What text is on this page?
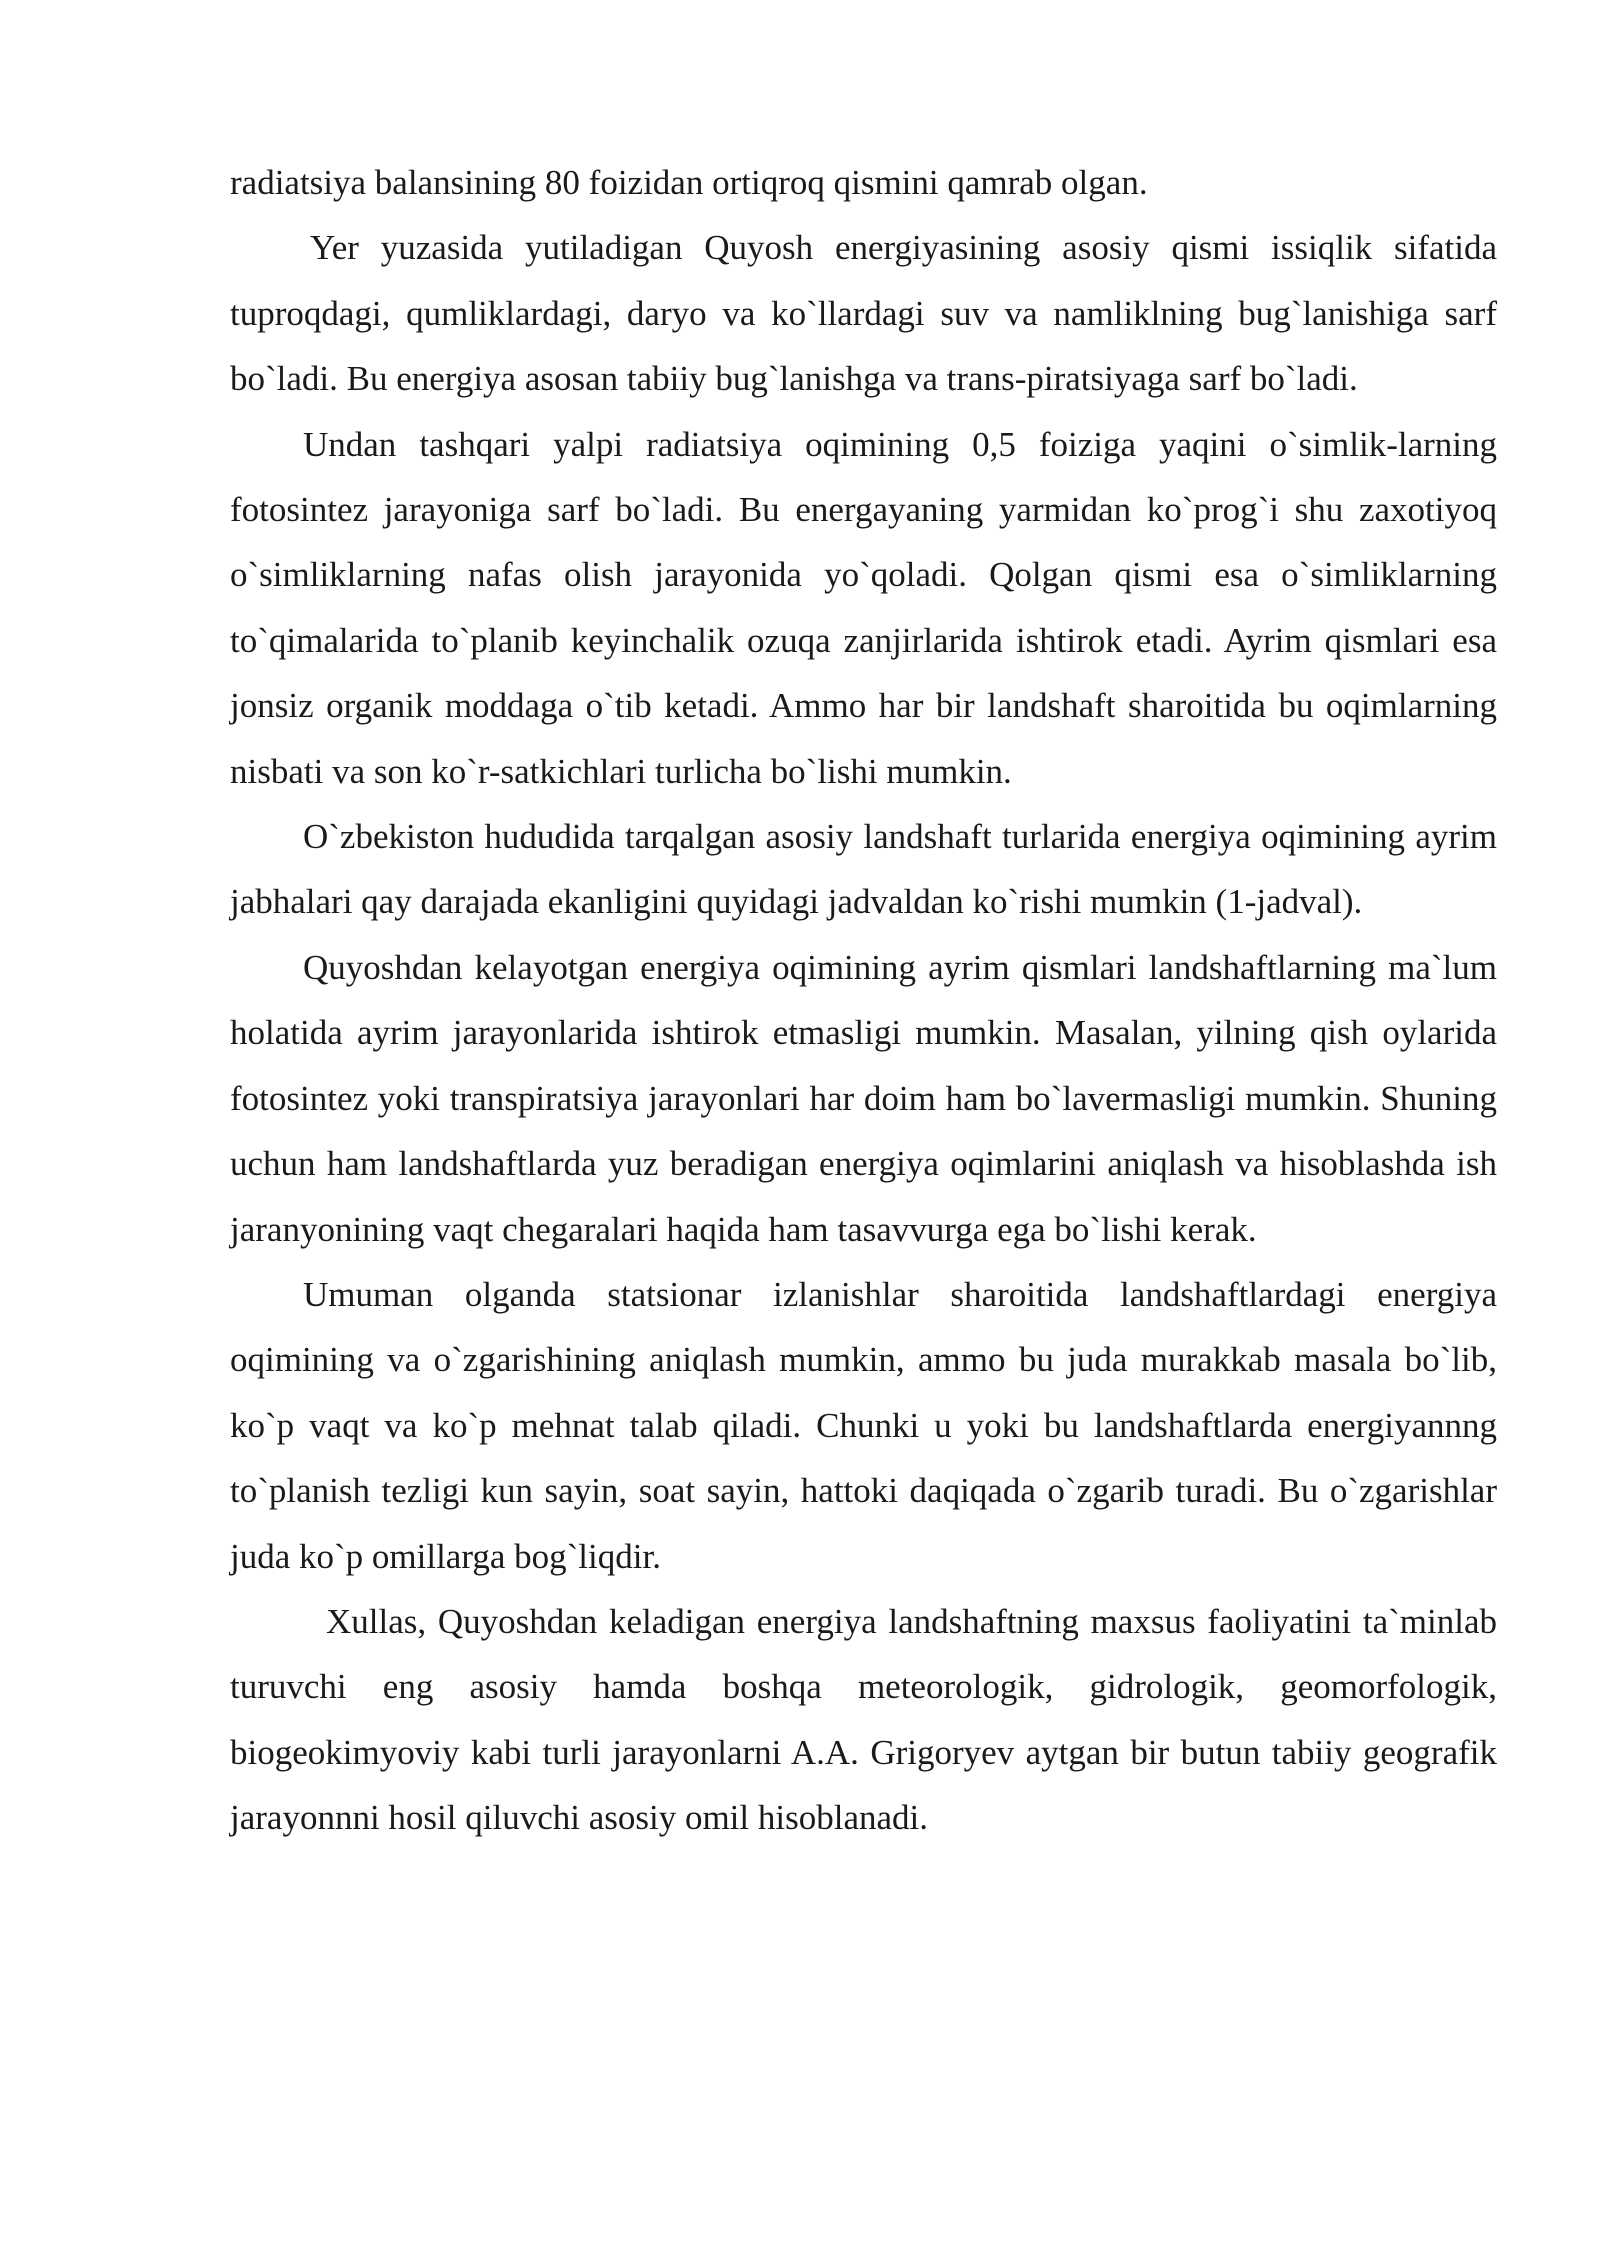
radiatsiya balansining 80 foizidan ortiqroq qismini qamrab olgan.

Yer yuzasida yutiladigan Quyosh energiyasining asosiy qismi issiqlik sifatida tuproqdagi, qumliklardagi, daryo va ko`llardagi suv va namliklning bug`lanishiga sarf bo`ladi. Bu energiya asosan tabiiy bug`lanishga va trans-piratsiyaga sarf bo`ladi.

Undan tashqari yalpi radiatsiya oqimining 0,5 foiziga yaqini o`simlik-larning fotosintez jarayoniga sarf bo`ladi. Bu energayaning yarmidan ko`prog`i shu zaxotiyoq o`simliklarning nafas olish jarayonida yo`qoladi. Qolgan qismi esa o`simliklarning to`qimalarida to`planib keyinchalik ozuqa zanjirlarida ishtirok etadi. Ayrim qismlari esa jonsiz organik moddaga o`tib ketadi. Ammo har bir landshaft sharoitida bu oqimlarning nisbati va son ko`r-satkichlari turlicha bo`lishi mumkin.

O`zbekiston hududida tarqalgan asosiy landshaft turlarida energiya oqimining ayrim jabhalari qay darajada ekanligini quyidagi jadvaldan ko`rishi mumkin (1-jadval).

Quyoshdan kelayotgan energiya oqimining ayrim qismlari landshaftlarning ma`lum holatida ayrim jarayonlarida ishtirok etmasligi mumkin. Masalan, yilning qish oylarida fotosintez yoki transpiratsiya jarayonlari har doim ham bo`lavermasligi mumkin. Shuning uchun ham landshaftlarda yuz beradigan energiya oqimlarini aniqlash va hisoblashda ish jaranyonining vaqt chegaralari haqida ham tasavvurga ega bo`lishi kerak.

Umuman olganda statsionar izlanishlar sharoitida landshaftlardagi energiya oqimining va o`zgarishining aniqlash mumkin, ammo bu juda murakkab masala bo`lib, ko`p vaqt va ko`p mehnat talab qiladi. Chunki u yoki bu landshaftlarda energiyannng to`planish tezligi kun sayin, soat sayin, hattoki daqiqada o`zgarib turadi. Bu o`zgarishlar juda ko`p omillarga bog`liqdir.

Xullas, Quyoshdan keladigan energiya landshaftning maxsus faoliyatini ta`minlab turuvchi eng asosiy hamda boshqa meteorologik, gidrologik, geomorfologik, biogeokimyoviy kabi turli jarayonlarni A.A. Grigoryev aytgan bir butun tabiiy geografik jarayonnni hosil qiluvchi asosiy omil hisoblanadi.
